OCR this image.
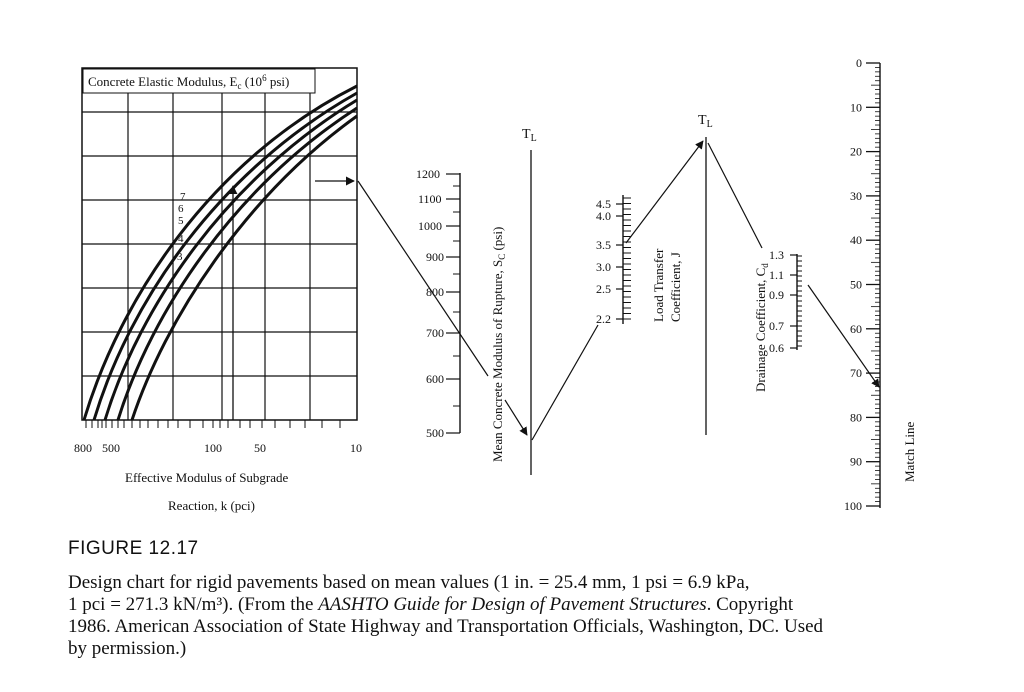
Concrete Elastic Modulus, $E_c$ ($10^6$ psi)
7
6
5
4
3
800 500	100	50	10
Effective Modulus of Subgrade
Reaction, k (pci)
1200
1100
1000
900
800
700
600
500	Mean Concrete Modulus of Rupture, $S_C$ (psi)
$T_L$
4.5
4.0
3.5
3.0
2.5
2.2	Load Transfer Coefficient, J
$T_L$
1.3
1.1
0.9
0.7
0.6
Drainage Coefficient, $C_d$
0
10
20
30
40
50
60
70
80
90
100
Match Line
FIGURE 12.17
Design chart for rigid pavements based on mean values (1 in. = 25.4 mm, 1 psi = 6.9 kPa,
1 pci = 271.3 kN/m³). (From the AASHTO Guide for Design of Pavement Structures. Copyright
1986. American Association of State Highway and Transportation Officials, Washington, DC. Used
by permission.)
